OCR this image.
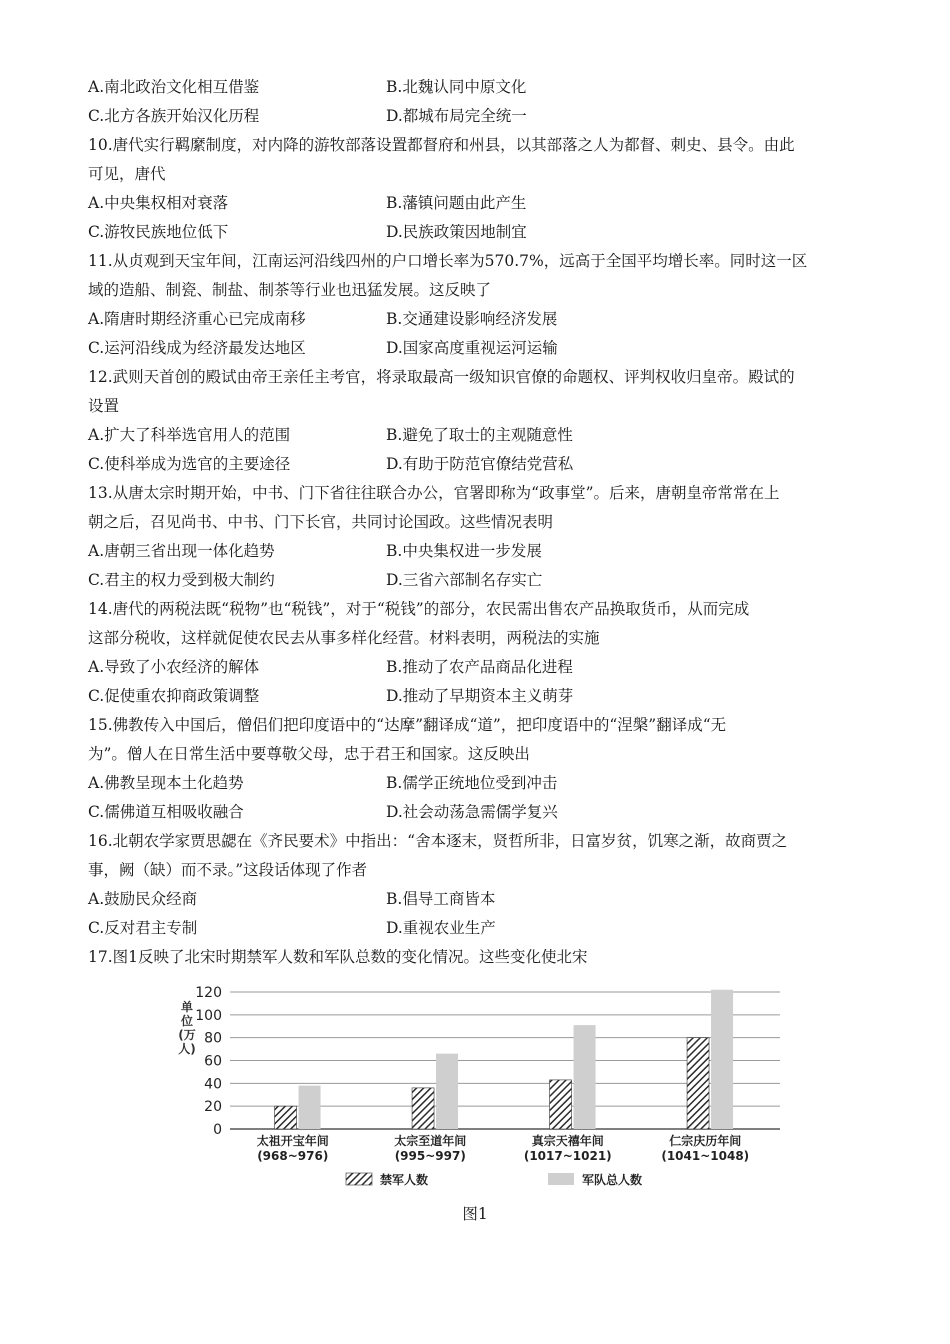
单位(万人)
0
20
40
60
80
100
120
太祖开宝年间
(968~976)
太宗至道年间
(995~997)
真宗天禧年间
(1017~1021)
仁宗庆历年间
(1041~1048)
禁军人数	军队总人数
图1
A.南北政治文化相互借鉴	B.北魏认同中原文化
C.北方各族开始汉化历程	D.都城布局完全统一
10.唐代实行羁縻制度，对内降的游牧部落设置都督府和州县，以其部落之人为都督、刺史、县令。由此
可见，唐代
A.中央集权相对衰落	B.藩镇问题由此产生
C.游牧民族地位低下	D.民族政策因地制宜
11.从贞观到天宝年间，江南运河沿线四州的户口增长率为570.7%，远高于全国平均增长率。同时这一区
域的造船、制瓷、制盐、制茶等行业也迅猛发展。这反映了
A.隋唐时期经济重心已完成南移	B.交通建设影响经济发展
C.运河沿线成为经济最发达地区	D.国家高度重视运河运输
12.武则天首创的殿试由帝王亲任主考官，将录取最高一级知识官僚的命题权、评判权收归皇帝。殿试的
设置
A.扩大了科举选官用人的范围	B.避免了取士的主观随意性
C.使科举成为选官的主要途径	D.有助于防范官僚结党营私
13.从唐太宗时期开始，中书、门下省往往联合办公，官署即称为“政事堂”。后来，唐朝皇帝常常在上
朝之后，召见尚书、中书、门下长官，共同讨论国政。这些情况表明
A.唐朝三省出现一体化趋势	B.中央集权进一步发展
C.君主的权力受到极大制约	D.三省六部制名存实亡
14.唐代的两税法既“税物”也“税钱”，对于“税钱”的部分，农民需出售农产品换取货币，从而完成
这部分税收，这样就促使农民去从事多样化经营。材料表明，两税法的实施
A.导致了小农经济的解体	B.推动了农产品商品化进程
C.促使重农抑商政策调整	D.推动了早期资本主义萌芽
15.佛教传入中国后，僧侣们把印度语中的“达摩”翻译成“道”，把印度语中的“涅槃”翻译成“无
为”。僧人在日常生活中要尊敬父母，忠于君王和国家。这反映出
A.佛教呈现本土化趋势	B.儒学正统地位受到冲击
C.儒佛道互相吸收融合	D.社会动荡急需儒学复兴
16.北朝农学家贾思勰在《齐民要术》中指出：“舍本逐末，贤哲所非，日富岁贫，饥寒之渐，故商贾之
事，阙（缺）而不录。”这段话体现了作者
A.鼓励民众经商	B.倡导工商皆本
C.反对君主专制	D.重视农业生产
17.图1反映了北宋时期禁军人数和军队总数的变化情况。这些变化使北宋
